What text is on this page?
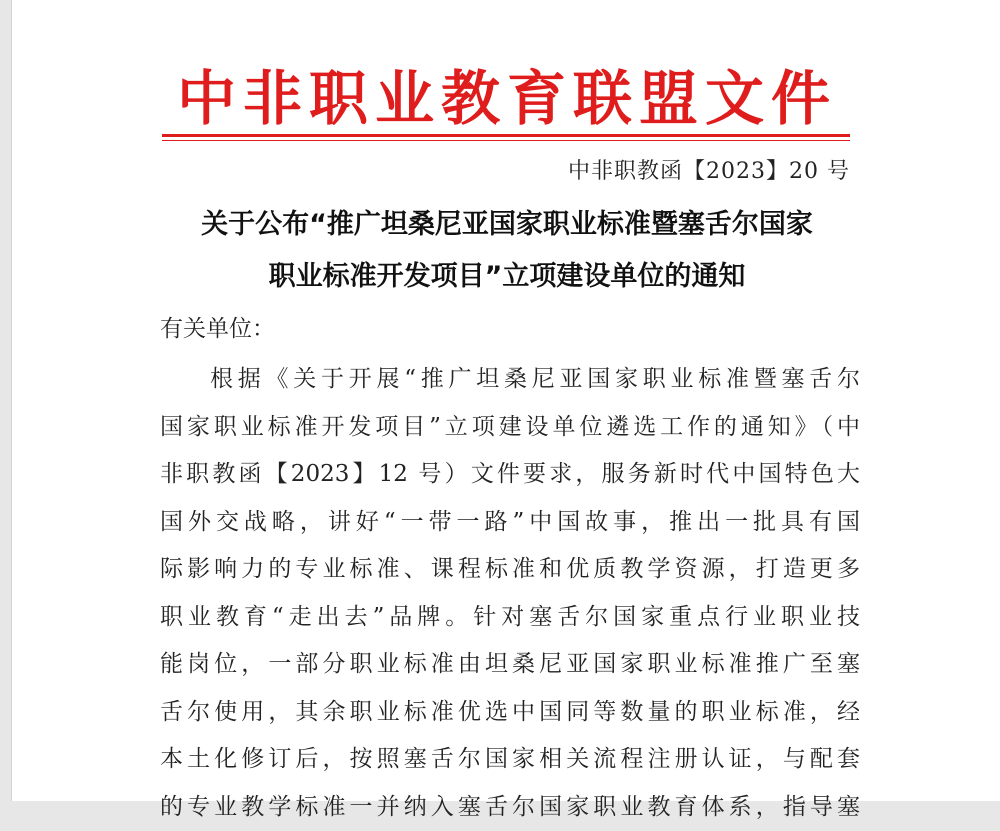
中非职业教育联盟文件

中非职教函【2023】20 号

关于公布“推广坦桑尼亚国家职业标准暨塞舌尔国家
职业标准开发项目”立项建设单位的通知

有关单位：

根据《关于开展“推广坦桑尼亚国家职业标准暨塞舌尔
国家职业标准开发项目”立项建设单位遴选工作的通知》（中
非职教函【2023】12 号）文件要求，服务新时代中国特色大
国外交战略，讲好“一带一路”中国故事，推出一批具有国
际影响力的专业标准、课程标准和优质教学资源，打造更多
职业教育“走出去”品牌。针对塞舌尔国家重点行业职业技
能岗位，一部分职业标准由坦桑尼亚国家职业标准推广至塞
舌尔使用，其余职业标准优选中国同等数量的职业标准，经
本土化修订后，按照塞舌尔国家相关流程注册认证，与配套
的专业教学标准一并纳入塞舌尔国家职业教育体系，指导塞
